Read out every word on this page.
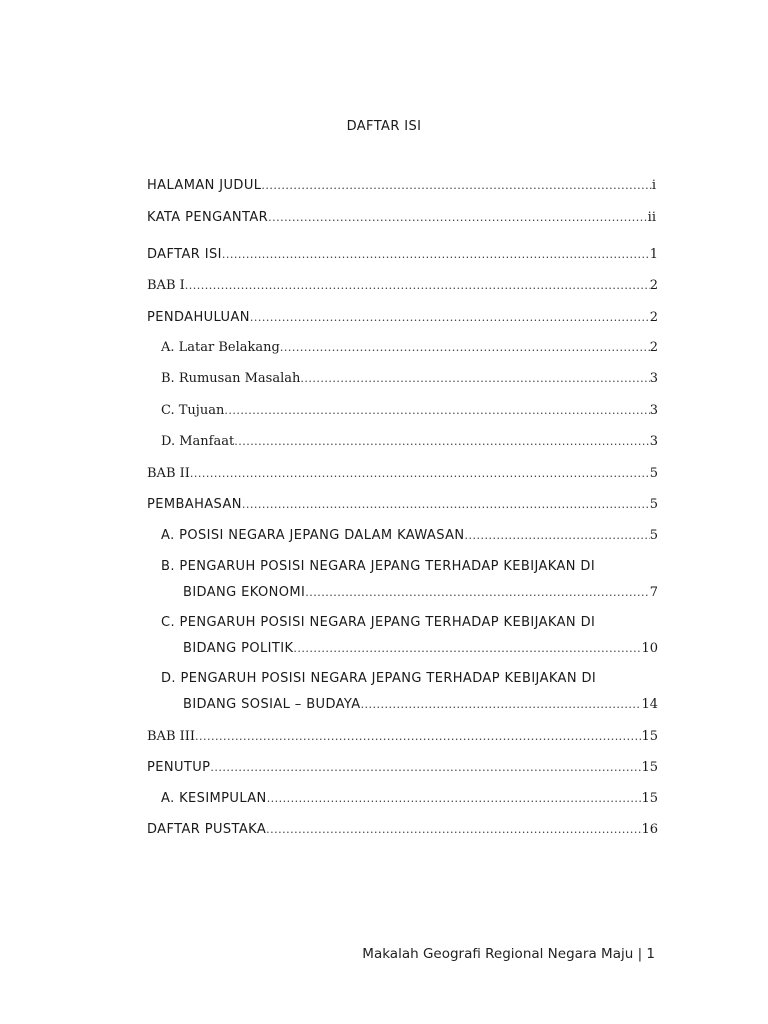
DAFTAR ISI
HALAMAN JUDUL .....	i
KATA PENGANTAR .....	ii
DAFTAR ISI .....	1
BAB I .....	2
PENDAHULUAN .....	2
A. Latar Belakang .....	2
B. Rumusan Masalah .....	3
C. Tujuan .....	3
D. Manfaat .....	3
BAB II .....	5
PEMBAHASAN .....	5
A. POSISI NEGARA JEPANG DALAM KAWASAN .....	5
B. PENGARUH POSISI NEGARA JEPANG TERHADAP KEBIJAKAN DI
BIDANG EKONOMI .....	7
C. PENGARUH POSISI NEGARA JEPANG TERHADAP KEBIJAKAN DI
BIDANG POLITIK .....	10
D. PENGARUH POSISI NEGARA JEPANG TERHADAP KEBIJAKAN DI
BIDANG SOSIAL – BUDAYA .....	14
BAB III .....	15
PENUTUP .....	15
A. KESIMPULAN .....	15
DAFTAR PUSTAKA .....	16
Makalah Geografi Regional Negara Maju | 1
